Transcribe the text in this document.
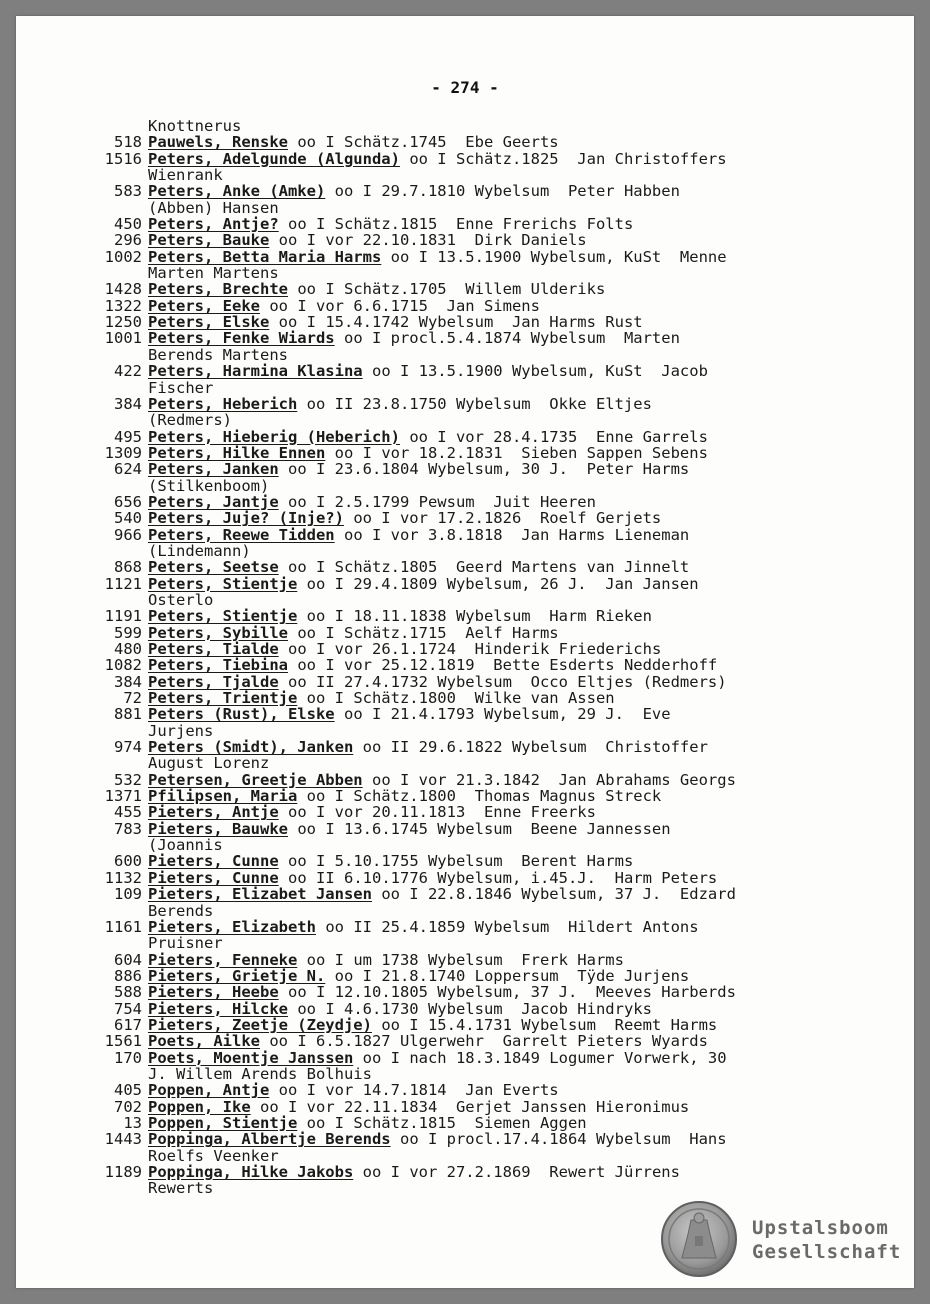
- 274 -
Knottnerus
518 Pauwels, Renske oo I Schätz.1745  Ebe Geerts
1516 Peters, Adelgunde (Algunda) oo I Schätz.1825  Jan Christoffers
Wienrank
583 Peters, Anke (Amke) oo I 29.7.1810 Wybelsum  Peter Habben
(Abben) Hansen
450 Peters, Antje? oo I Schätz.1815  Enne Frerichs Folts
296 Peters, Bauke oo I vor 22.10.1831  Dirk Daniels
1002 Peters, Betta Maria Harms oo I 13.5.1900 Wybelsum, KuSt  Menne
Marten Martens
1428 Peters, Brechte oo I Schätz.1705  Willem Ulderiks
1322 Peters, Eeke oo I vor 6.6.1715  Jan Simens
1250 Peters, Elske oo I 15.4.1742 Wybelsum  Jan Harms Rust
1001 Peters, Fenke Wiards oo I procl.5.4.1874 Wybelsum  Marten
Berends Martens
422 Peters, Harmina Klasina oo I 13.5.1900 Wybelsum, KuSt  Jacob
Fischer
384 Peters, Heberich oo II 23.8.1750 Wybelsum  Okke Eltjes
(Redmers)
495 Peters, Hieberig (Heberich) oo I vor 28.4.1735  Enne Garrels
1309 Peters, Hilke Ennen oo I vor 18.2.1831  Sieben Sappen Sebens
624 Peters, Janken oo I 23.6.1804 Wybelsum, 30 J.  Peter Harms
(Stilkenboom)
656 Peters, Jantje oo I 2.5.1799 Pewsum  Juit Heeren
540 Peters, Juje? (Inje?) oo I vor 17.2.1826  Roelf Gerjets
966 Peters, Reewe Tidden oo I vor 3.8.1818  Jan Harms Lieneman
(Lindemann)
868 Peters, Seetse oo I Schätz.1805  Geerd Martens van Jinnelt
1121 Peters, Stientje oo I 29.4.1809 Wybelsum, 26 J.  Jan Jansen
Osterlo
1191 Peters, Stientje oo I 18.11.1838 Wybelsum  Harm Rieken
599 Peters, Sybille oo I Schätz.1715  Aelf Harms
480 Peters, Tialde oo I vor 26.1.1724  Hinderik Friederichs
1082 Peters, Tiebina oo I vor 25.12.1819  Bette Esderts Nedderhoff
384 Peters, Tjalde oo II 27.4.1732 Wybelsum  Occo Eltjes (Redmers)
72 Peters, Trientje oo I Schätz.1800  Wilke van Assen
881 Peters (Rust), Elske oo I 21.4.1793 Wybelsum, 29 J.  Eve
Jurjens
974 Peters (Smidt), Janken oo II 29.6.1822 Wybelsum  Christoffer
August Lorenz
532 Petersen, Greetje Abben oo I vor 21.3.1842  Jan Abrahams Georgs
1371 Pfilipsen, Maria oo I Schätz.1800  Thomas Magnus Streck
455 Pieters, Antje oo I vor 20.11.1813  Enne Freerks
783 Pieters, Bauwke oo I 13.6.1745 Wybelsum  Beene Jannessen
(Joannis
600 Pieters, Cunne oo I 5.10.1755 Wybelsum  Berent Harms
1132 Pieters, Cunne oo II 6.10.1776 Wybelsum, i.45.J.  Harm Peters
109 Pieters, Elizabet Jansen oo I 22.8.1846 Wybelsum, 37 J.  Edzard
Berends
1161 Pieters, Elizabeth oo II 25.4.1859 Wybelsum  Hildert Antons
Pruisner
604 Pieters, Fenneke oo I um 1738 Wybelsum  Frerk Harms
886 Pieters, Grietje N. oo I 21.8.1740 Loppersum  Tÿde Jurjens
588 Pieters, Heebe oo I 12.10.1805 Wybelsum, 37 J.  Meeves Harberds
754 Pieters, Hilcke oo I 4.6.1730 Wybelsum  Jacob Hindryks
617 Pieters, Zeetje (Zeydje) oo I 15.4.1731 Wybelsum  Reemt Harms
1561 Poets, Ailke oo I 6.5.1827 Ulgerwehr  Garrelt Pieters Wyards
170 Poets, Moentje Janssen oo I nach 18.3.1849 Logumer Vorwerk, 30
J. Willem Arends Bolhuis
405 Poppen, Antje oo I vor 14.7.1814  Jan Everts
702 Poppen, Ike oo I vor 22.11.1834  Gerjet Janssen Hieronimus
13 Poppen, Stientje oo I Schätz.1815  Siemen Aggen
1443 Poppinga, Albertje Berends oo I procl.17.4.1864 Wybelsum  Hans
Roelfs Veenker
1189 Poppinga, Hilke Jakobs oo I vor 27.2.1869  Rewert Jürrens
Rewerts
Upstalsboom
Gesellschaft
